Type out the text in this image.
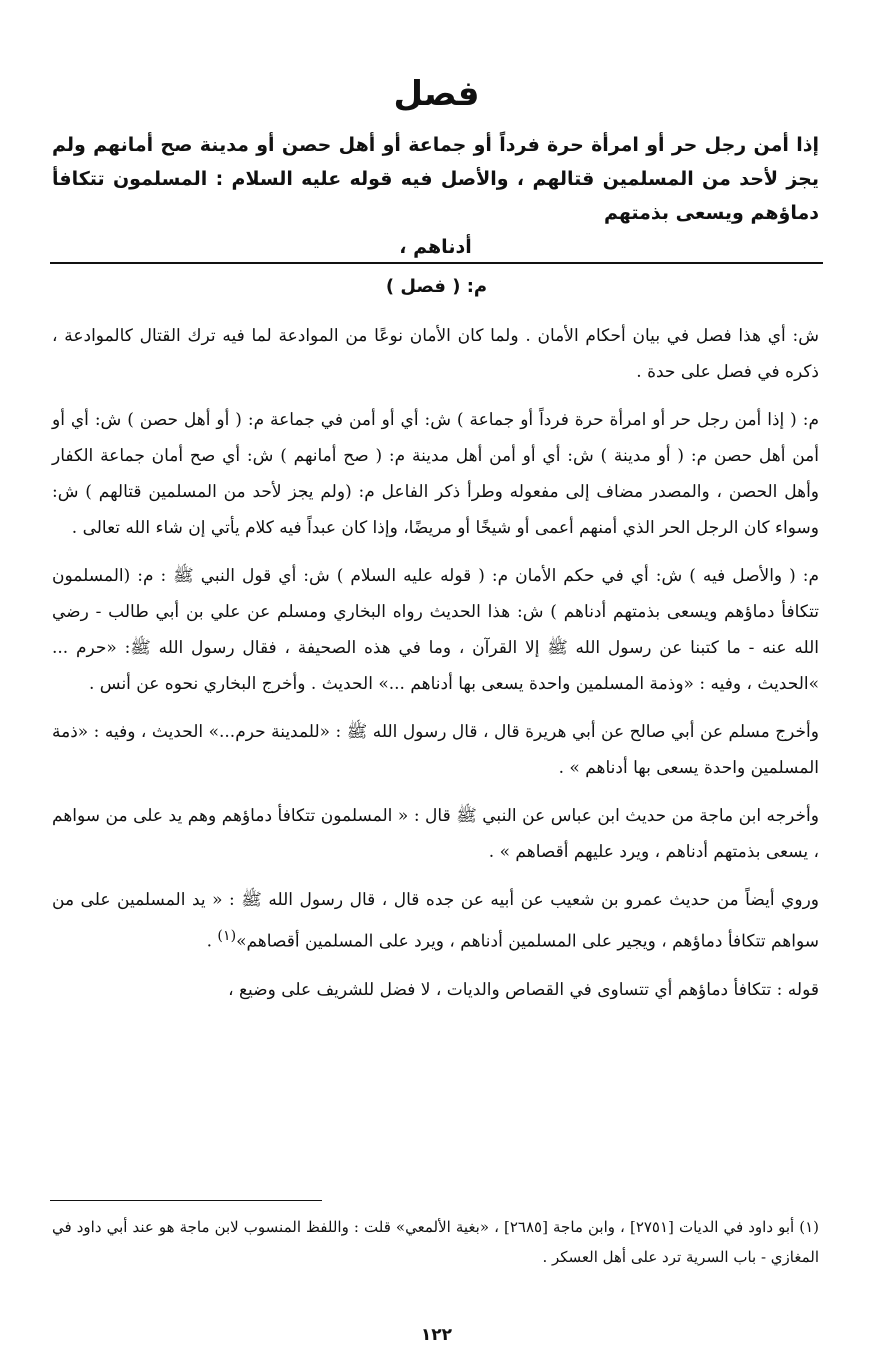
فصل

إذا أمن رجل حر أو امرأة حرة فرداً أو جماعة أو أهل حصن أو مدينة صح أمانهم ولم يجز لأحد من المسلمين قتالهم ، والأصل فيه قوله عليه السلام : المسلمون تتكافأ دماؤهم ويسعى بذمتهم
أدناهم ،

م: ( فصل )

ش: أي هذا فصل في بيان أحكام الأمان . ولما كان الأمان نوعًا من الموادعة لما فيه ترك القتال كالموادعة ، ذكره في فصل على حدة .

م: ( إذا أمن رجل حر أو امرأة حرة فرداً أو جماعة ) ش: أي أو أمن في جماعة م: ( أو أهل حصن ) ش: أي أو أمن أهل حصن م: ( أو مدينة ) ش: أي أو أمن أهل مدينة م: ( صح أمانهم ) ش: أي صح أمان جماعة الكفار وأهل الحصن ، والمصدر مضاف إلى مفعوله وطرأ ذكر الفاعل م: (ولم يجز لأحد من المسلمين قتالهم ) ش: وسواء كان الرجل الحر الذي أمنهم أعمى أو شيخًا أو مريضًا، وإذا كان عبداً فيه كلام يأتي إن شاء الله تعالى .

م: ( والأصل فيه ) ش: أي في حكم الأمان م: ( قوله عليه السلام ) ش: أي قول النبي ﷺ : م: (المسلمون تتكافأ دماؤهم ويسعى بذمتهم أدناهم ) ش: هذا الحديث رواه البخاري ومسلم عن علي بن أبي طالب - رضي الله عنه - ما كتبنا عن رسول الله ﷺ إلا القرآن ، وما في هذه الصحيفة ، فقال رسول الله ﷺ: «حرم ... »الحديث ، وفيه : «وذمة المسلمين واحدة يسعى بها أدناهم ...» الحديث . وأخرج البخاري نحوه عن أنس .

وأخرج مسلم عن أبي صالح عن أبي هريرة قال ، قال رسول الله ﷺ : «للمدينة حرم...» الحديث ، وفيه : «ذمة المسلمين واحدة يسعى بها أدناهم » .

وأخرجه ابن ماجة من حديث ابن عباس عن النبي ﷺ قال : « المسلمون تتكافأ دماؤهم وهم يد على من سواهم ، يسعى بذمتهم أدناهم ، ويرد عليهم أقصاهم » .

وروي أيضاً من حديث عمرو بن شعيب عن أبيه عن جده قال ، قال رسول الله ﷺ : « يد المسلمين على من سواهم تتكافأ دماؤهم ، ويجير على المسلمين أدناهم ، ويرد على المسلمين أقصاهم»$^{(١)}$ .

قوله : تتكافأ دماؤهم أي تتساوى في القصاص والديات ، لا فضل للشريف على وضيع ،

(١) أبو داود في الديات [٢٧٥١] ، وابن ماجة [٢٦٨٥] ، «بغية الألمعي» قلت : واللفظ المنسوب لابن ماجة هو عند أبي داود في المغازي - باب السرية ترد على أهل العسكر .

١٢٢
